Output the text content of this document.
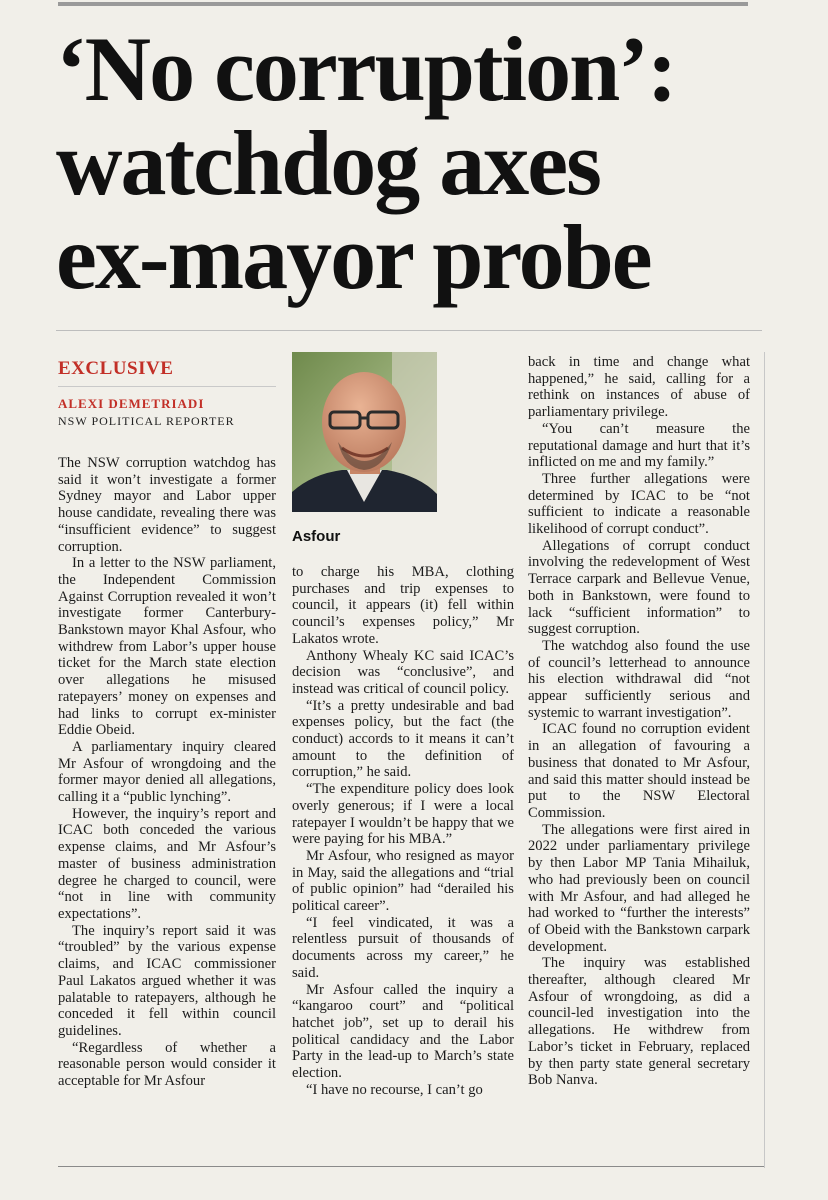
‘No corruption’:
watchdog axes
ex-mayor probe
EXCLUSIVE
ALEXI DEMETRIADI
NSW POLITICAL REPORTER

The NSW corruption watchdog has said it won’t investigate a former Sydney mayor and Labor upper house candidate, revealing there was “insufficient evidence” to suggest corruption.

In a letter to the NSW parliament, the Independent Commission Against Corruption revealed it won’t investigate former Canterbury-Bankstown mayor Khal Asfour, who withdrew from Labor’s upper house ticket for the March state election over allegations he misused ratepayers’ money on expenses and had links to corrupt ex-minister Eddie Obeid.

A parliamentary inquiry cleared Mr Asfour of wrongdoing and the former mayor denied all allegations, calling it a “public lynching”.

However, the inquiry’s report and ICAC both conceded the various expense claims, and Mr Asfour’s master of business administration degree he charged to council, were “not in line with community expectations”.

The inquiry’s report said it was “troubled” by the various expense claims, and ICAC commissioner Paul Lakatos argued whether it was palatable to ratepayers, although he conceded it fell within council guidelines.

“Regardless of whether a reasonable person would consider it acceptable for Mr Asfour

Asfour

to charge his MBA, clothing purchases and trip expenses to council, it appears (it) fell within council’s expenses policy,” Mr Lakatos wrote.

Anthony Whealy KC said ICAC’s decision was “conclusive”, and instead was critical of council policy.

“It’s a pretty undesirable and bad expenses policy, but the fact (the conduct) accords to it means it can’t amount to the definition of corruption,” he said.

“The expenditure policy does look overly generous; if I were a local ratepayer I wouldn’t be happy that we were paying for his MBA.”

Mr Asfour, who resigned as mayor in May, said the allegations and “trial of public opinion” had “derailed his political career”.

“I feel vindicated, it was a relentless pursuit of thousands of documents across my career,” he said.

Mr Asfour called the inquiry a “kangaroo court” and “political hatchet job”, set up to derail his political candidacy and the Labor Party in the lead-up to March’s state election.

“I have no recourse, I can’t go

back in time and change what happened,” he said, calling for a rethink on instances of abuse of parliamentary privilege.

“You can’t measure the reputational damage and hurt that it’s inflicted on me and my family.”

Three further allegations were determined by ICAC to be “not sufficient to indicate a reasonable likelihood of corrupt conduct”.

Allegations of corrupt conduct involving the redevelopment of West Terrace carpark and Bellevue Venue, both in Bankstown, were found to lack “sufficient information” to suggest corruption.

The watchdog also found the use of council’s letterhead to announce his election withdrawal did “not appear sufficiently serious and systemic to warrant investigation”.

ICAC found no corruption evident in an allegation of favouring a business that donated to Mr Asfour, and said this matter should instead be put to the NSW Electoral Commission.

The allegations were first aired in 2022 under parliamentary privilege by then Labor MP Tania Mihailuk, who had previously been on council with Mr Asfour, and had alleged he had worked to “further the interests” of Obeid with the Bankstown carpark development.

The inquiry was established thereafter, although cleared Mr Asfour of wrongdoing, as did a council-led investigation into the allegations. He withdrew from Labor’s ticket in February, replaced by then party state general secretary Bob Nanva.
